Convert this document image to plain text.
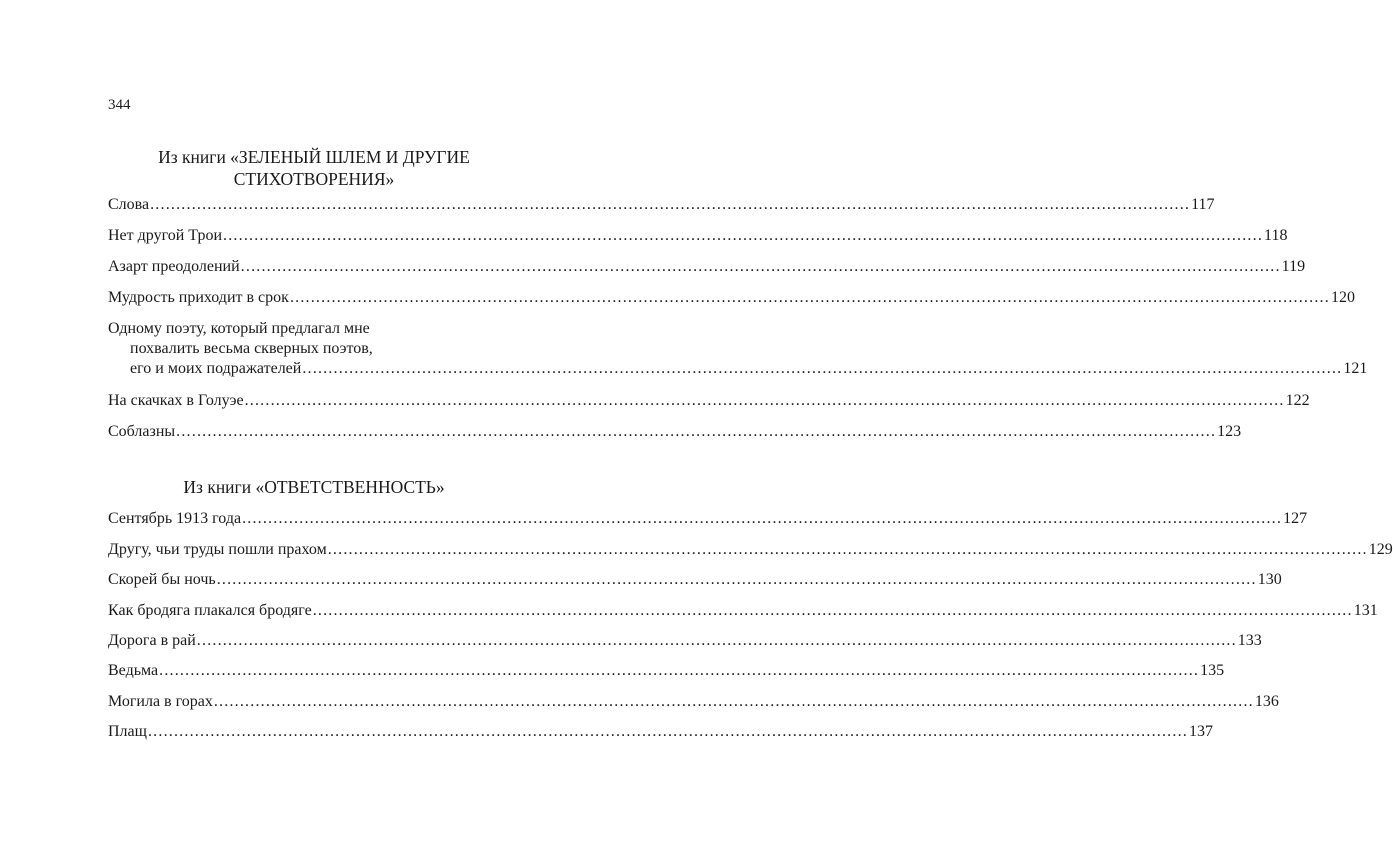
344
Из книги «ЗЕЛЕНЫЙ ШЛЕМ И ДРУГИЕ
СТИХОТВОРЕНИЯ»
Слова ........................................................................................................................................................................................................ 117
Нет другой Трои ........................................................................................................................................................................................................ 118
Азарт преодолений ........................................................................................................................................................................................................ 119
Мудрость приходит в срок ........................................................................................................................................................................................................ 120
Одному поэту, который предлагал мне
похвалить весьма скверных поэтов,
его и моих подражателей ........................................................................................................................................................................................................ 121
На скачках в Голуэе ........................................................................................................................................................................................................ 122
Соблазны ........................................................................................................................................................................................................ 123
Из книги «ОТВЕТСТВЕННОСТЬ»
Сентябрь 1913 года ........................................................................................................................................................................................................ 127
Другу, чьи труды пошли прахом ........................................................................................................................................................................................................ 129
Скорей бы ночь ........................................................................................................................................................................................................ 130
Как бродяга плакался бродяге ........................................................................................................................................................................................................ 131
Дорога в рай ........................................................................................................................................................................................................ 133
Ведьма ........................................................................................................................................................................................................ 135
Могила в горах ........................................................................................................................................................................................................ 136
Плащ ........................................................................................................................................................................................................ 137
